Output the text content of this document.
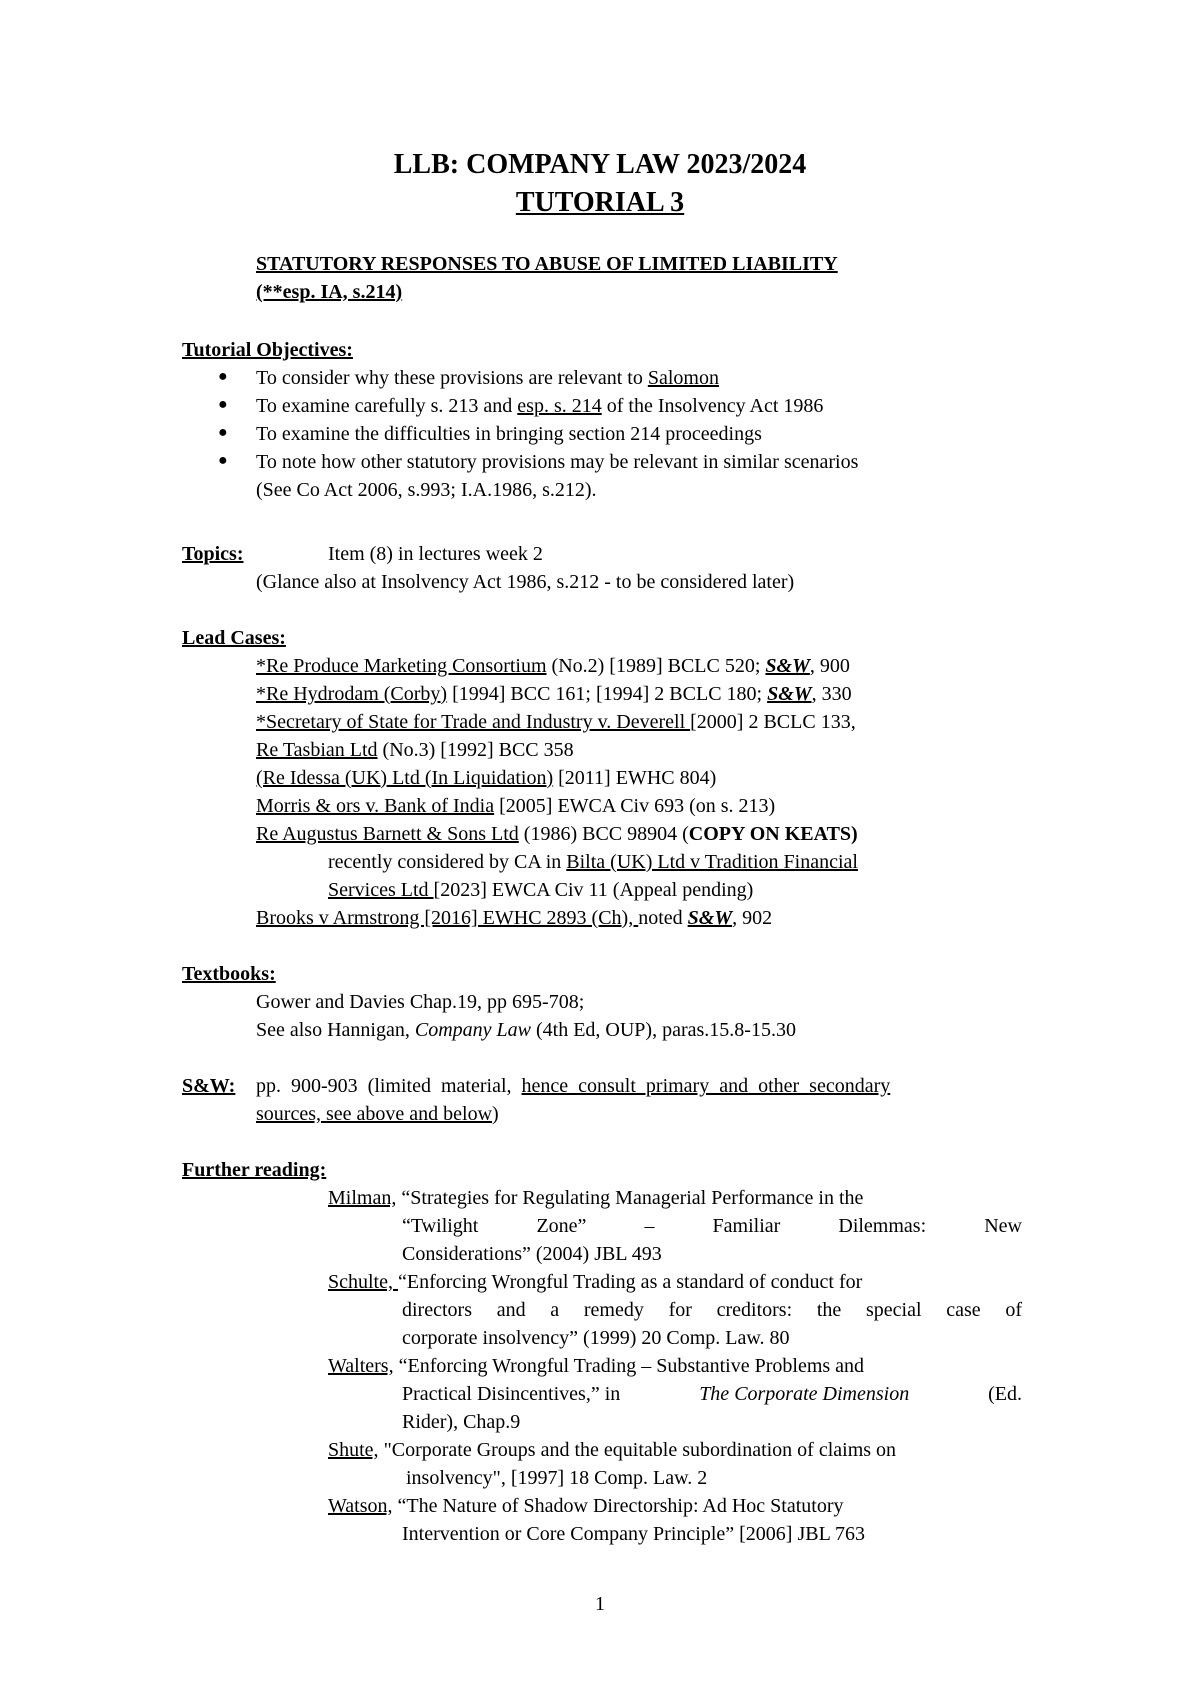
LLB: COMPANY LAW 2023/2024
TUTORIAL 3
STATUTORY RESPONSES TO ABUSE OF LIMITED LIABILITY
(**esp. IA, s.214)
Tutorial Objectives:
● To consider why these provisions are relevant to Salomon
● To examine carefully s. 213 and esp. s. 214 of the Insolvency Act 1986
● To examine the difficulties in bringing section 214 proceedings
● To note how other statutory provisions may be relevant in similar scenarios
(See Co Act 2006, s.993; I.A.1986, s.212).
Topics:	Item (8) in lectures week 2
(Glance also at Insolvency Act 1986, s.212 - to be considered later)
Lead Cases:
*Re Produce Marketing Consortium (No.2) [1989] BCLC 520; S&W, 900
*Re Hydrodam (Corby) [1994] BCC 161; [1994] 2 BCLC 180; S&W, 330
*Secretary of State for Trade and Industry v. Deverell [2000] 2 BCLC 133,
Re Tasbian Ltd (No.3) [1992] BCC 358
(Re Idessa (UK) Ltd (In Liquidation) [2011] EWHC 804)
Morris & ors v. Bank of India [2005] EWCA Civ 693 (on s. 213)
Re Augustus Barnett & Sons Ltd (1986) BCC 98904 (COPY ON KEATS)
recently considered by CA in Bilta (UK) Ltd v Tradition Financial
Services Ltd [2023] EWCA Civ 11 (Appeal pending)
Brooks v Armstrong [2016] EWHC 2893 (Ch), noted S&W, 902
Textbooks:
Gower and Davies Chap.19, pp 695-708;
See also Hannigan, Company Law (4th Ed, OUP), paras.15.8-15.30
S&W: pp.  900-903  (limited  material,  hence  consult  primary  and  other  secondary
sources, see above and below)
Further reading:
Milman, “Strategies for Regulating Managerial Performance in the
“Twilight	Zone”	–	Familiar	Dilemmas:	New
Considerations” (2004) JBL 493
Schulte, “Enforcing Wrongful Trading as a standard of conduct for
directors and a remedy for creditors: the special case of
corporate insolvency” (1999) 20 Comp. Law. 80
Walters, “Enforcing Wrongful Trading – Substantive Problems and
Practical Disincentives,” in	The Corporate Dimension	(Ed.
Rider), Chap.9
Shute, "Corporate Groups and the equitable subordination of claims on
insolvency", [1997] 18 Comp. Law. 2
Watson, “The Nature of Shadow Directorship: Ad Hoc Statutory
Intervention or Core Company Principle” [2006] JBL 763
1
